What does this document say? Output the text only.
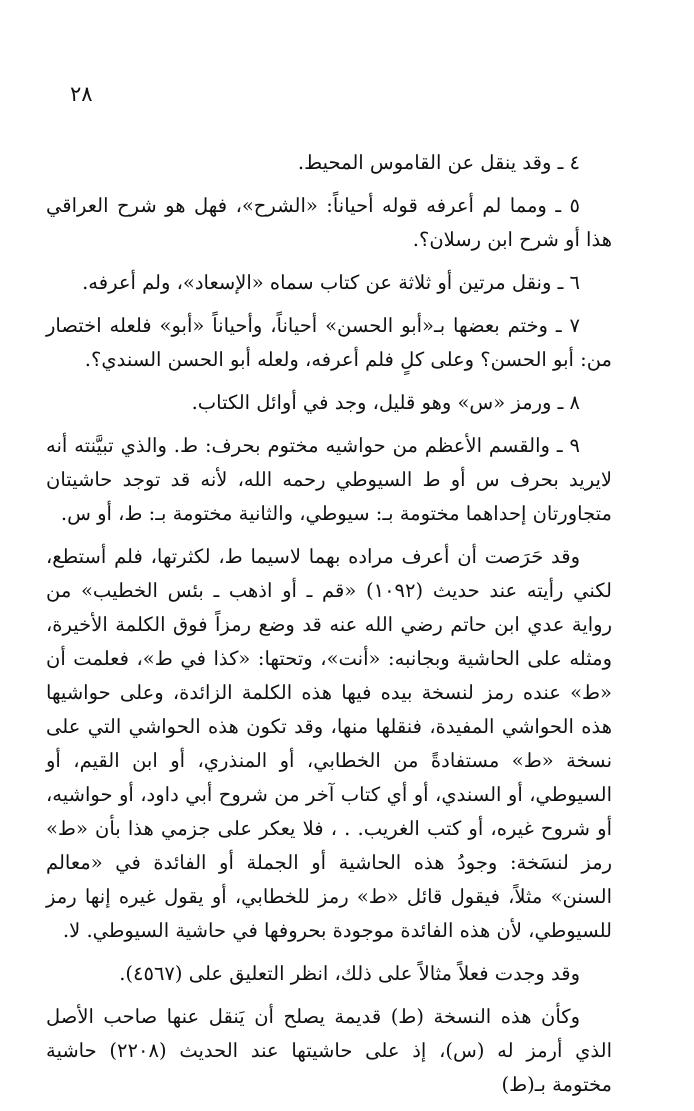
٢٨

٤ ـ وقد ينقل عن القاموس المحيط.

٥ ـ ومما لم أعرفه قوله أحياناً: «الشرح»، فهل هو شرح العراقي هذا أو شرح ابن رسلان؟.

٦ ـ ونقل مرتين أو ثلاثة عن كتاب سماه «الإسعاد»، ولم أعرفه.

٧ ـ وختم بعضها بـ«أبو الحسن» أحياناً، وأحياناً «أبو» فلعله اختصار من: أبو الحسن؟ وعلى كلٍ فلم أعرفه، ولعله أبو الحسن السندي؟.

٨ ـ ورمز «س» وهو قليل، وجد في أوائل الكتاب.

٩ ـ والقسم الأعظم من حواشيه مختوم بحرف: ط. والذي تبيَّنته أنه لايريد بحرف س أو ط السيوطي رحمه الله، لأنه قد توجد حاشيتان متجاورتان إحداهما مختومة بـ: سيوطي، والثانية مختومة بـ: ط، أو س.

وقد حَرَصت أن أعرف مراده بهما لاسيما ط، لكثرتها، فلم أستطع، لكني رأيته عند حديث (١٠٩٢) «قم ـ أو اذهب ـ بئس الخطيب» من رواية عدي ابن حاتم رضي الله عنه قد وضع رمزاً فوق الكلمة الأخيرة، ومثله على الحاشية وبجانبه: «أنت»، وتحتها: «كذا في ط»، فعلمت أن «ط» عنده رمز لنسخة بيده فيها هذه الكلمة الزائدة، وعلى حواشيها هذه الحواشي المفيدة، فنقلها منها، وقد تكون هذه الحواشي التي على نسخة «ط» مستفادةً من الخطابي، أو المنذري، أو ابن القيم، أو السيوطي، أو السندي، أو أي كتاب آخر من شروح أبي داود، أو حواشيه، أو شروح غيره، أو كتب الغريب. . ، فلا يعكر على جزمي هذا بأن «ط» رمز لنسَخة: وجودُ هذه الحاشية أو الجملة أو الفائدة في «معالم السنن» مثلاً، فيقول قائل «ط» رمز للخطابي، أو يقول غيره إنها رمز للسيوطي، لأن هذه الفائدة موجودة بحروفها في حاشية السيوطي. لا.

وقد وجدت فعلاً مثالاً على ذلك، انظر التعليق على (٤٥٦٧).

وكأن هذه النسخة (ط) قديمة يصلح أن يَنقل عنها صاحب الأصل الذي أرمز له (س)، إذ على حاشيتها عند الحديث (٢٢٠٨) حاشية مختومة بـ(ط)
